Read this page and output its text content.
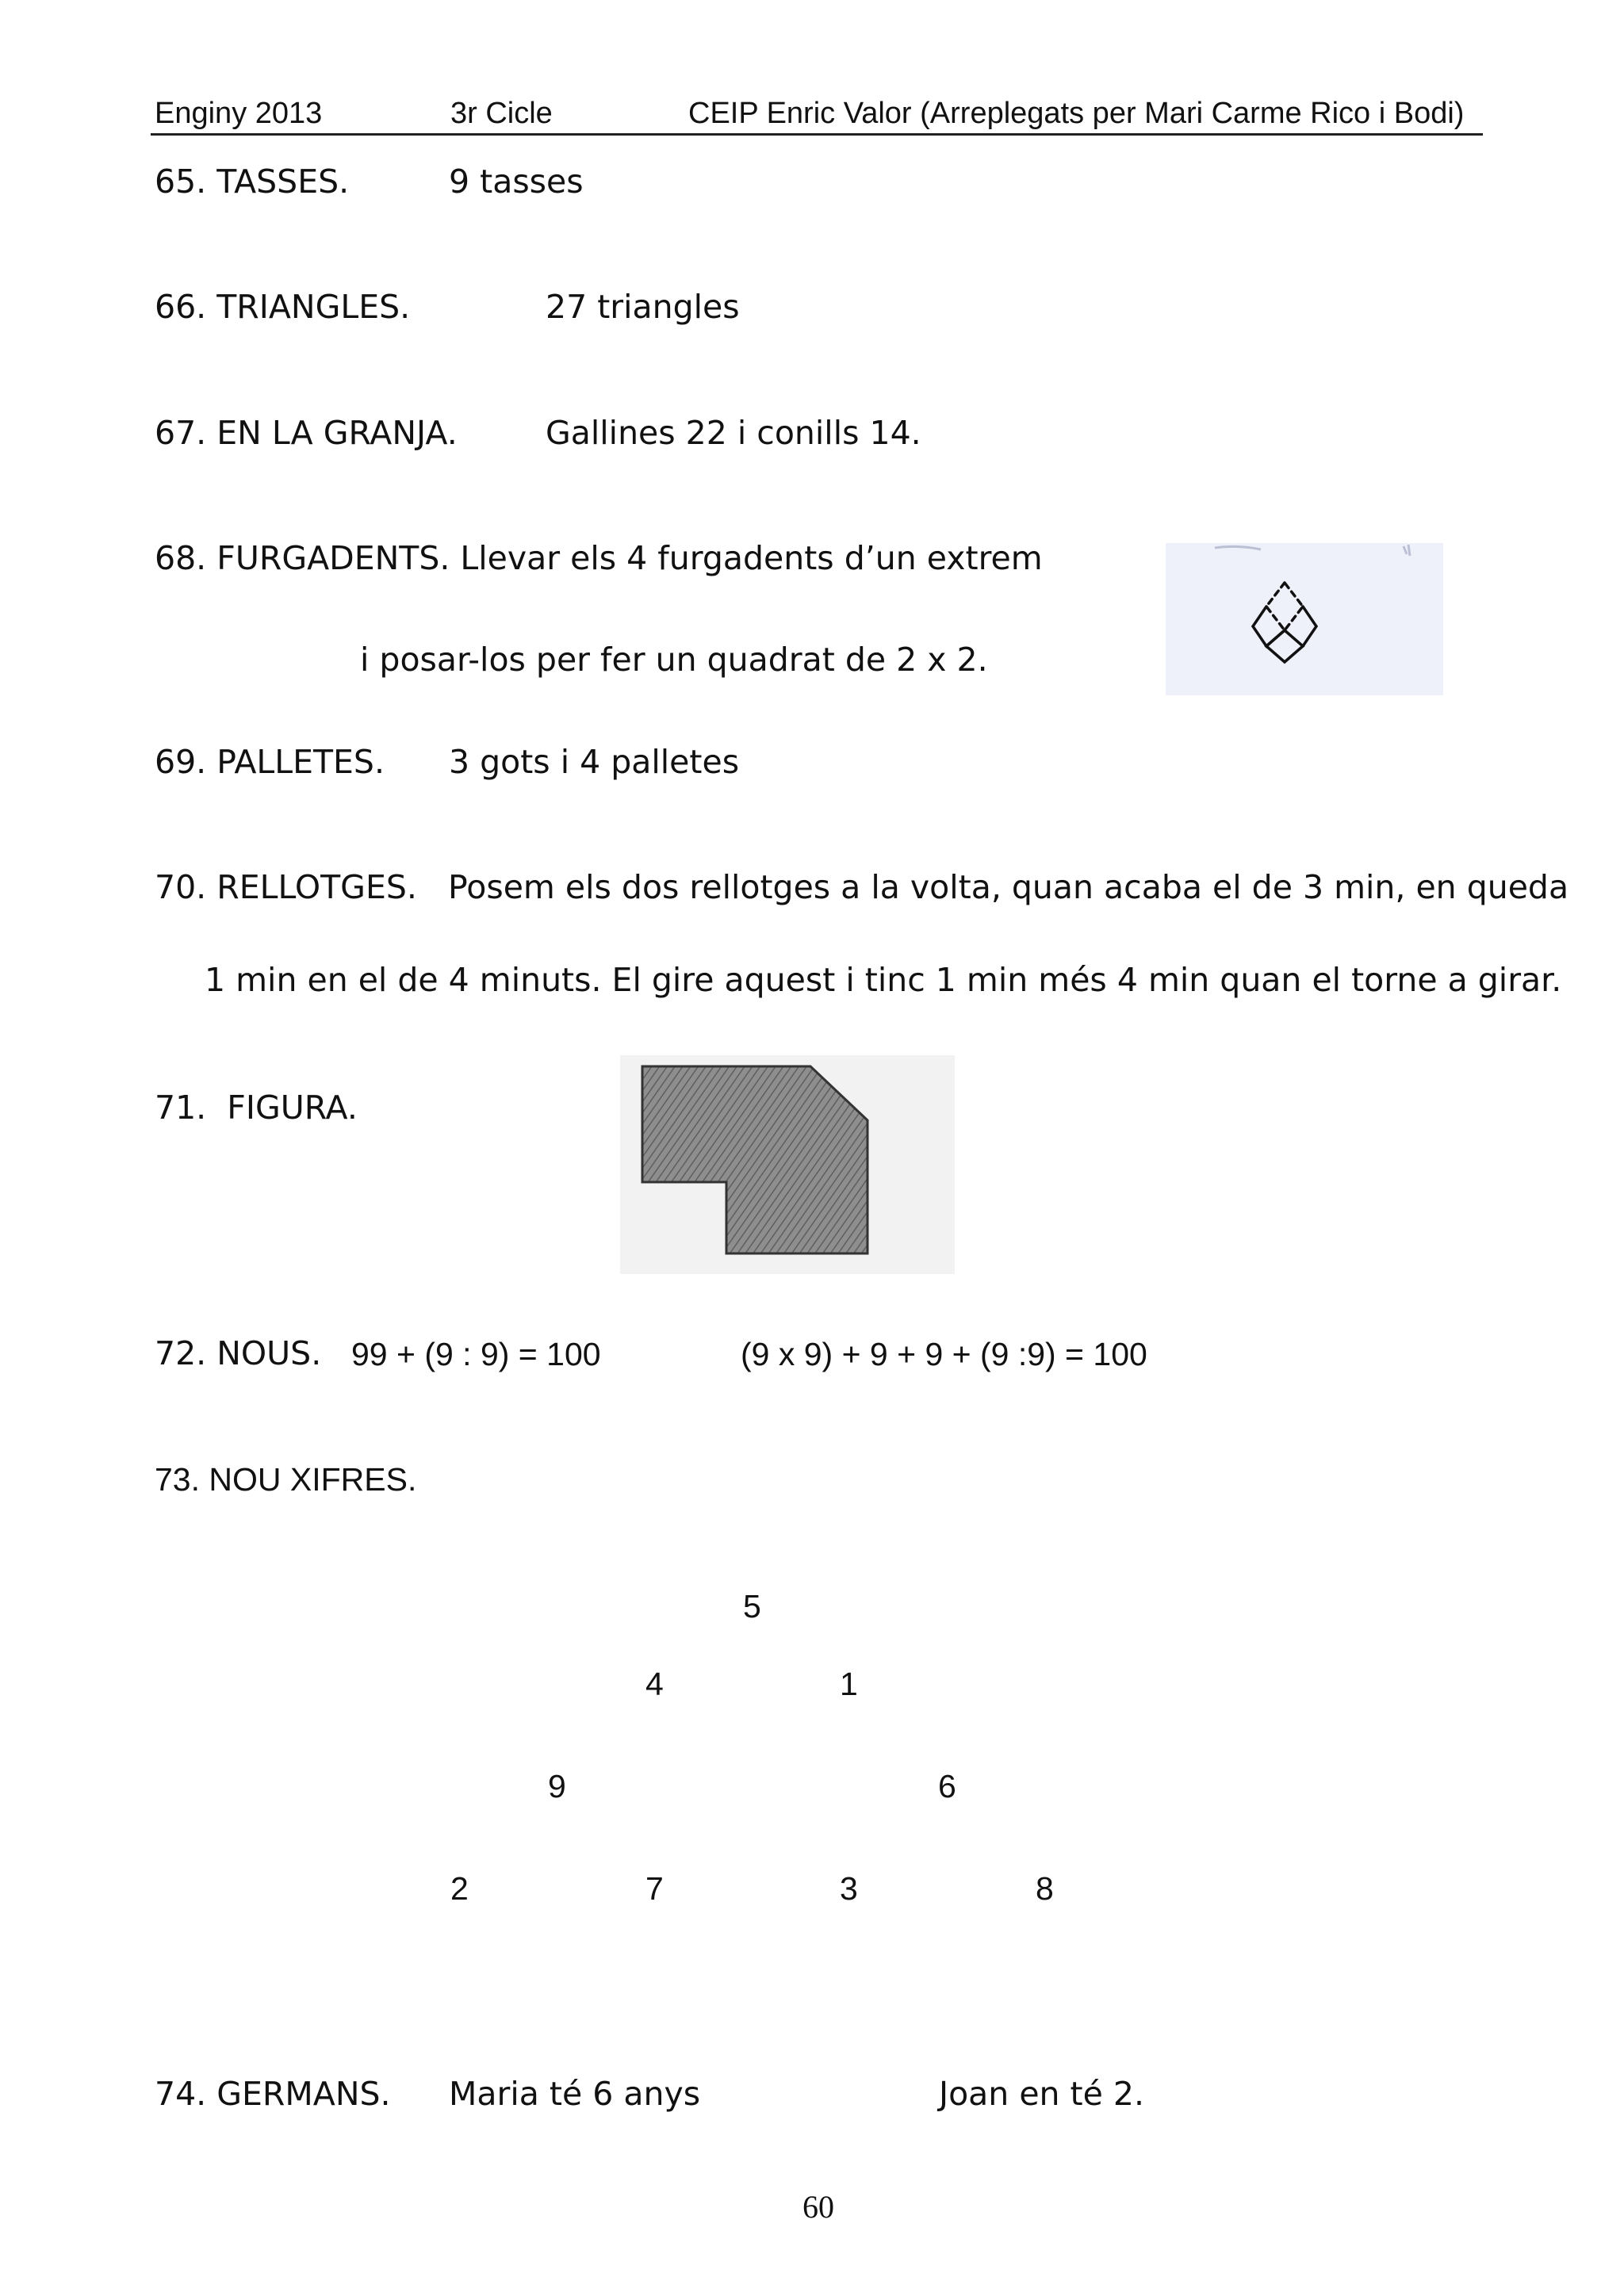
Enginy 2013	3r Cicle	CEIP Enric Valor (Arreplegats per Mari Carme Rico i Bodi)
65. TASSES.	9 tasses
66. TRIANGLES.	27 triangles
67. EN LA GRANJA.	Gallines 22 i conills 14.
68. FURGADENTS. Llevar els 4 furgadents d’un extrem
i posar-los per fer un quadrat de 2 x 2.
69. PALLETES. 3 gots i 4 palletes
70. RELLOTGES.   Posem els dos rellotges a la volta, quan acaba el de 3 min, en queda
1 min en el de 4 minuts. El gire aquest i tinc 1 min més 4 min quan el torne a girar.
71.  FIGURA.
72. NOUS. 99 + (9 : 9) = 100	(9 x 9) + 9 + 9 + (9 :9) = 100
73. NOU XIFRES.
5
4	1
9	6
2	7	3	8
74. GERMANS. Maria té 6 anys	Joan en té 2.
60
